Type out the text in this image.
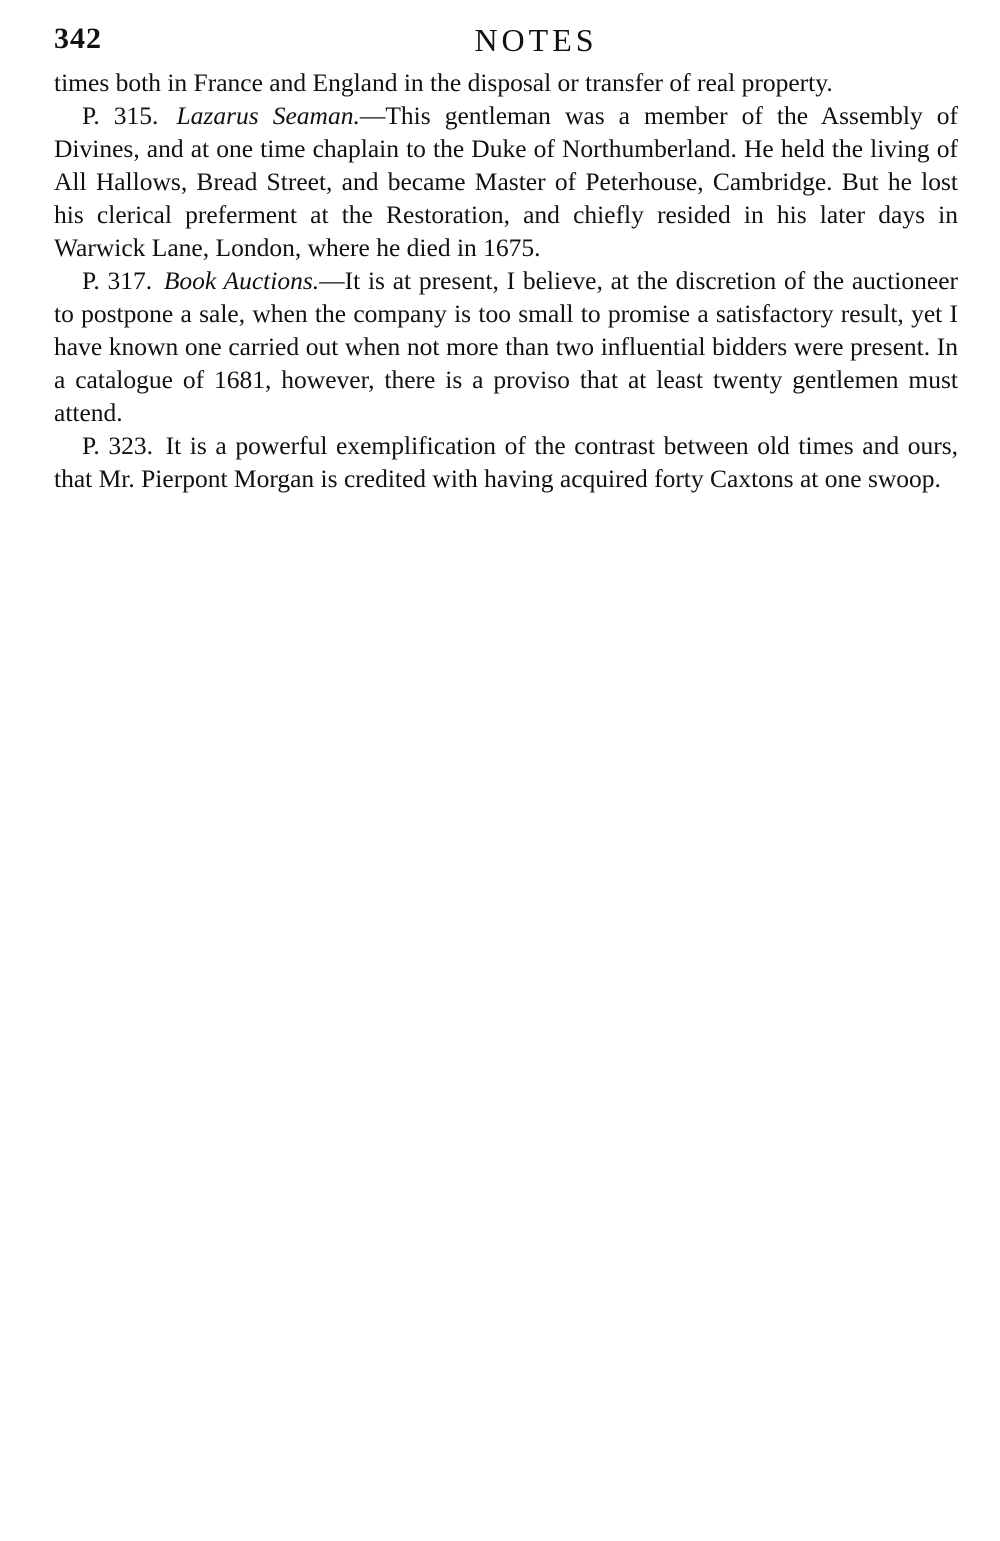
342	NOTES

times both in France and England in the disposal or transfer of real property.

P. 315. Lazarus Seaman.—This gentleman was a member of the Assembly of Divines, and at one time chaplain to the Duke of Northumberland. He held the living of All Hallows, Bread Street, and became Master of Peterhouse, Cambridge. But he lost his clerical preferment at the Restoration, and chiefly resided in his later days in Warwick Lane, London, where he died in 1675.

P. 317. Book Auctions.—It is at present, I believe, at the discretion of the auctioneer to postpone a sale, when the company is too small to promise a satisfactory result, yet I have known one carried out when not more than two influential bidders were present. In a catalogue of 1681, however, there is a proviso that at least twenty gentlemen must attend.

P. 323. It is a powerful exemplification of the contrast between old times and ours, that Mr. Pierpont Morgan is credited with having acquired forty Caxtons at one swoop.
